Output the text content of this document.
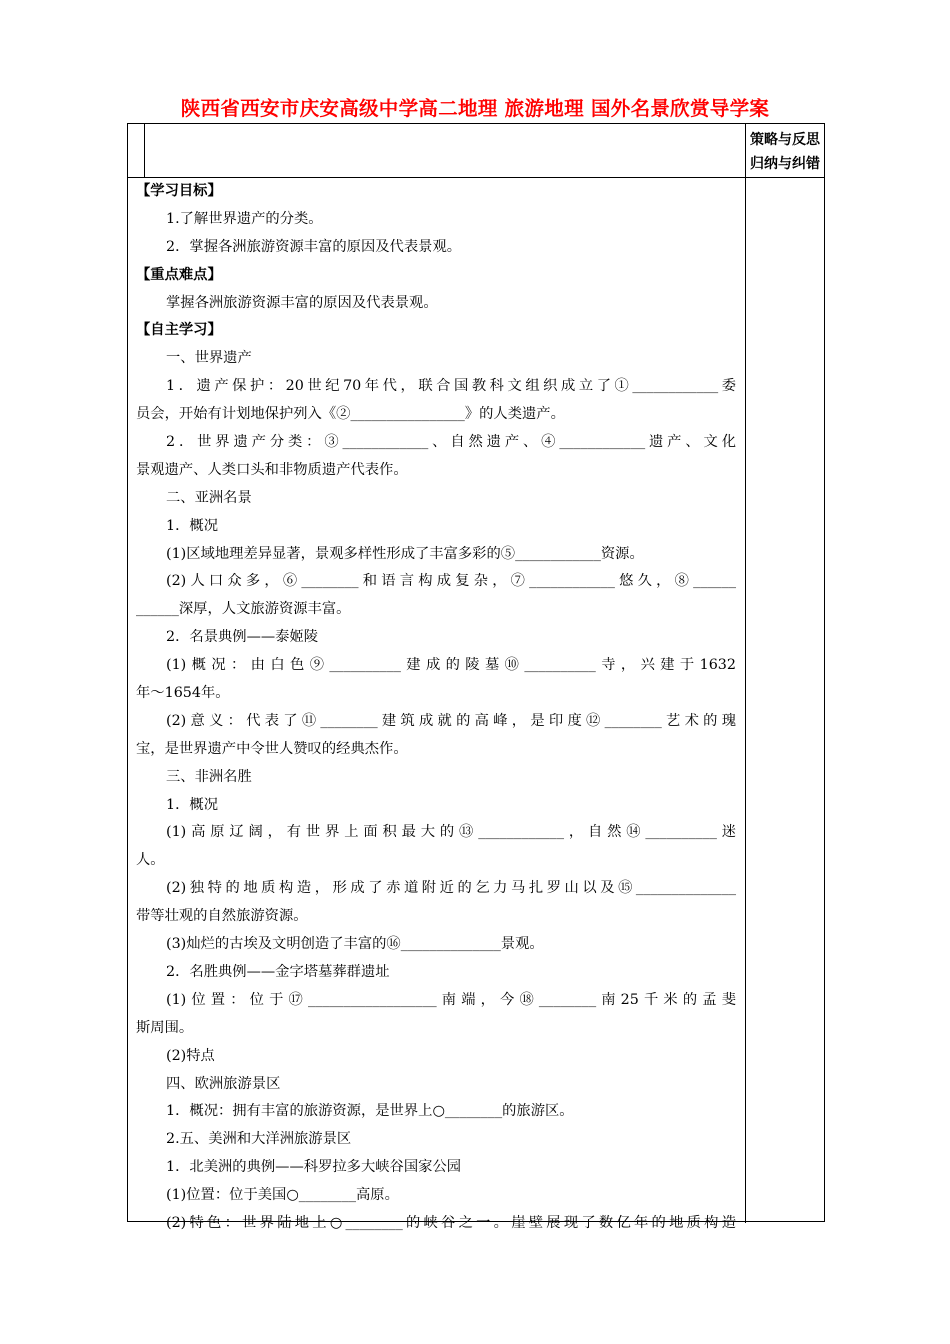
陕西省西安市庆安高级中学高二地理 旅游地理 国外名景欣赏导学案
策略与反思
归纳与纠错
【学习目标】
1.了解世界遗产的分类。
2．掌握各洲旅游资源丰富的原因及代表景观。
【重点难点】
掌握各洲旅游资源丰富的原因及代表景观。
【自主学习】
一、世界遗产
1．遗产保护：20世纪70年代，联合国教科文组织成立了①____________委
员会，开始有计划地保护列入《②________________》的人类遗产。
2．世界遗产分类：③____________、自然遗产、④____________遗产、文化
景观遗产、人类口头和非物质遗产代表作。
二、亚洲名景
1．概况
(1)区域地理差异显著，景观多样性形成了丰富多彩的⑤____________资源。
(2)人口众多，⑥________和语言构成复杂，⑦____________悠久，⑧______
______深厚，人文旅游资源丰富。
2．名景典例——泰姬陵
(1)概况：由白色⑨__________建成的陵墓⑩__________寺，兴建于1632
年～1654年。
(2)意义：代表了⑪________建筑成就的高峰，是印度⑫________艺术的瑰
宝，是世界遗产中令世人赞叹的经典杰作。
三、非洲名胜
1．概况
(1)高原辽阔，有世界上面积最大的⑬____________，自然⑭__________迷
人。
(2)独特的地质构造，形成了赤道附近的乞力马扎罗山以及⑮______________
带等壮观的自然旅游资源。
(3)灿烂的古埃及文明创造了丰富的⑯______________景观。
2．名胜典例——金字塔墓葬群遗址
(1)位置：位于⑰__________________南端，今⑱________南25千米的孟斐
斯周围。
(2)特点
四、欧洲旅游景区
1．概况：拥有丰富的旅游资源，是世界上○________的旅游区。
2.五、美洲和大洋洲旅游景区
1．北美洲的典例——科罗拉多大峡谷国家公园
(1)位置：位于美国○________高原。
(2)特色：世界陆地上○________的峡谷之一。崖壁展现了数亿年的地质构造
